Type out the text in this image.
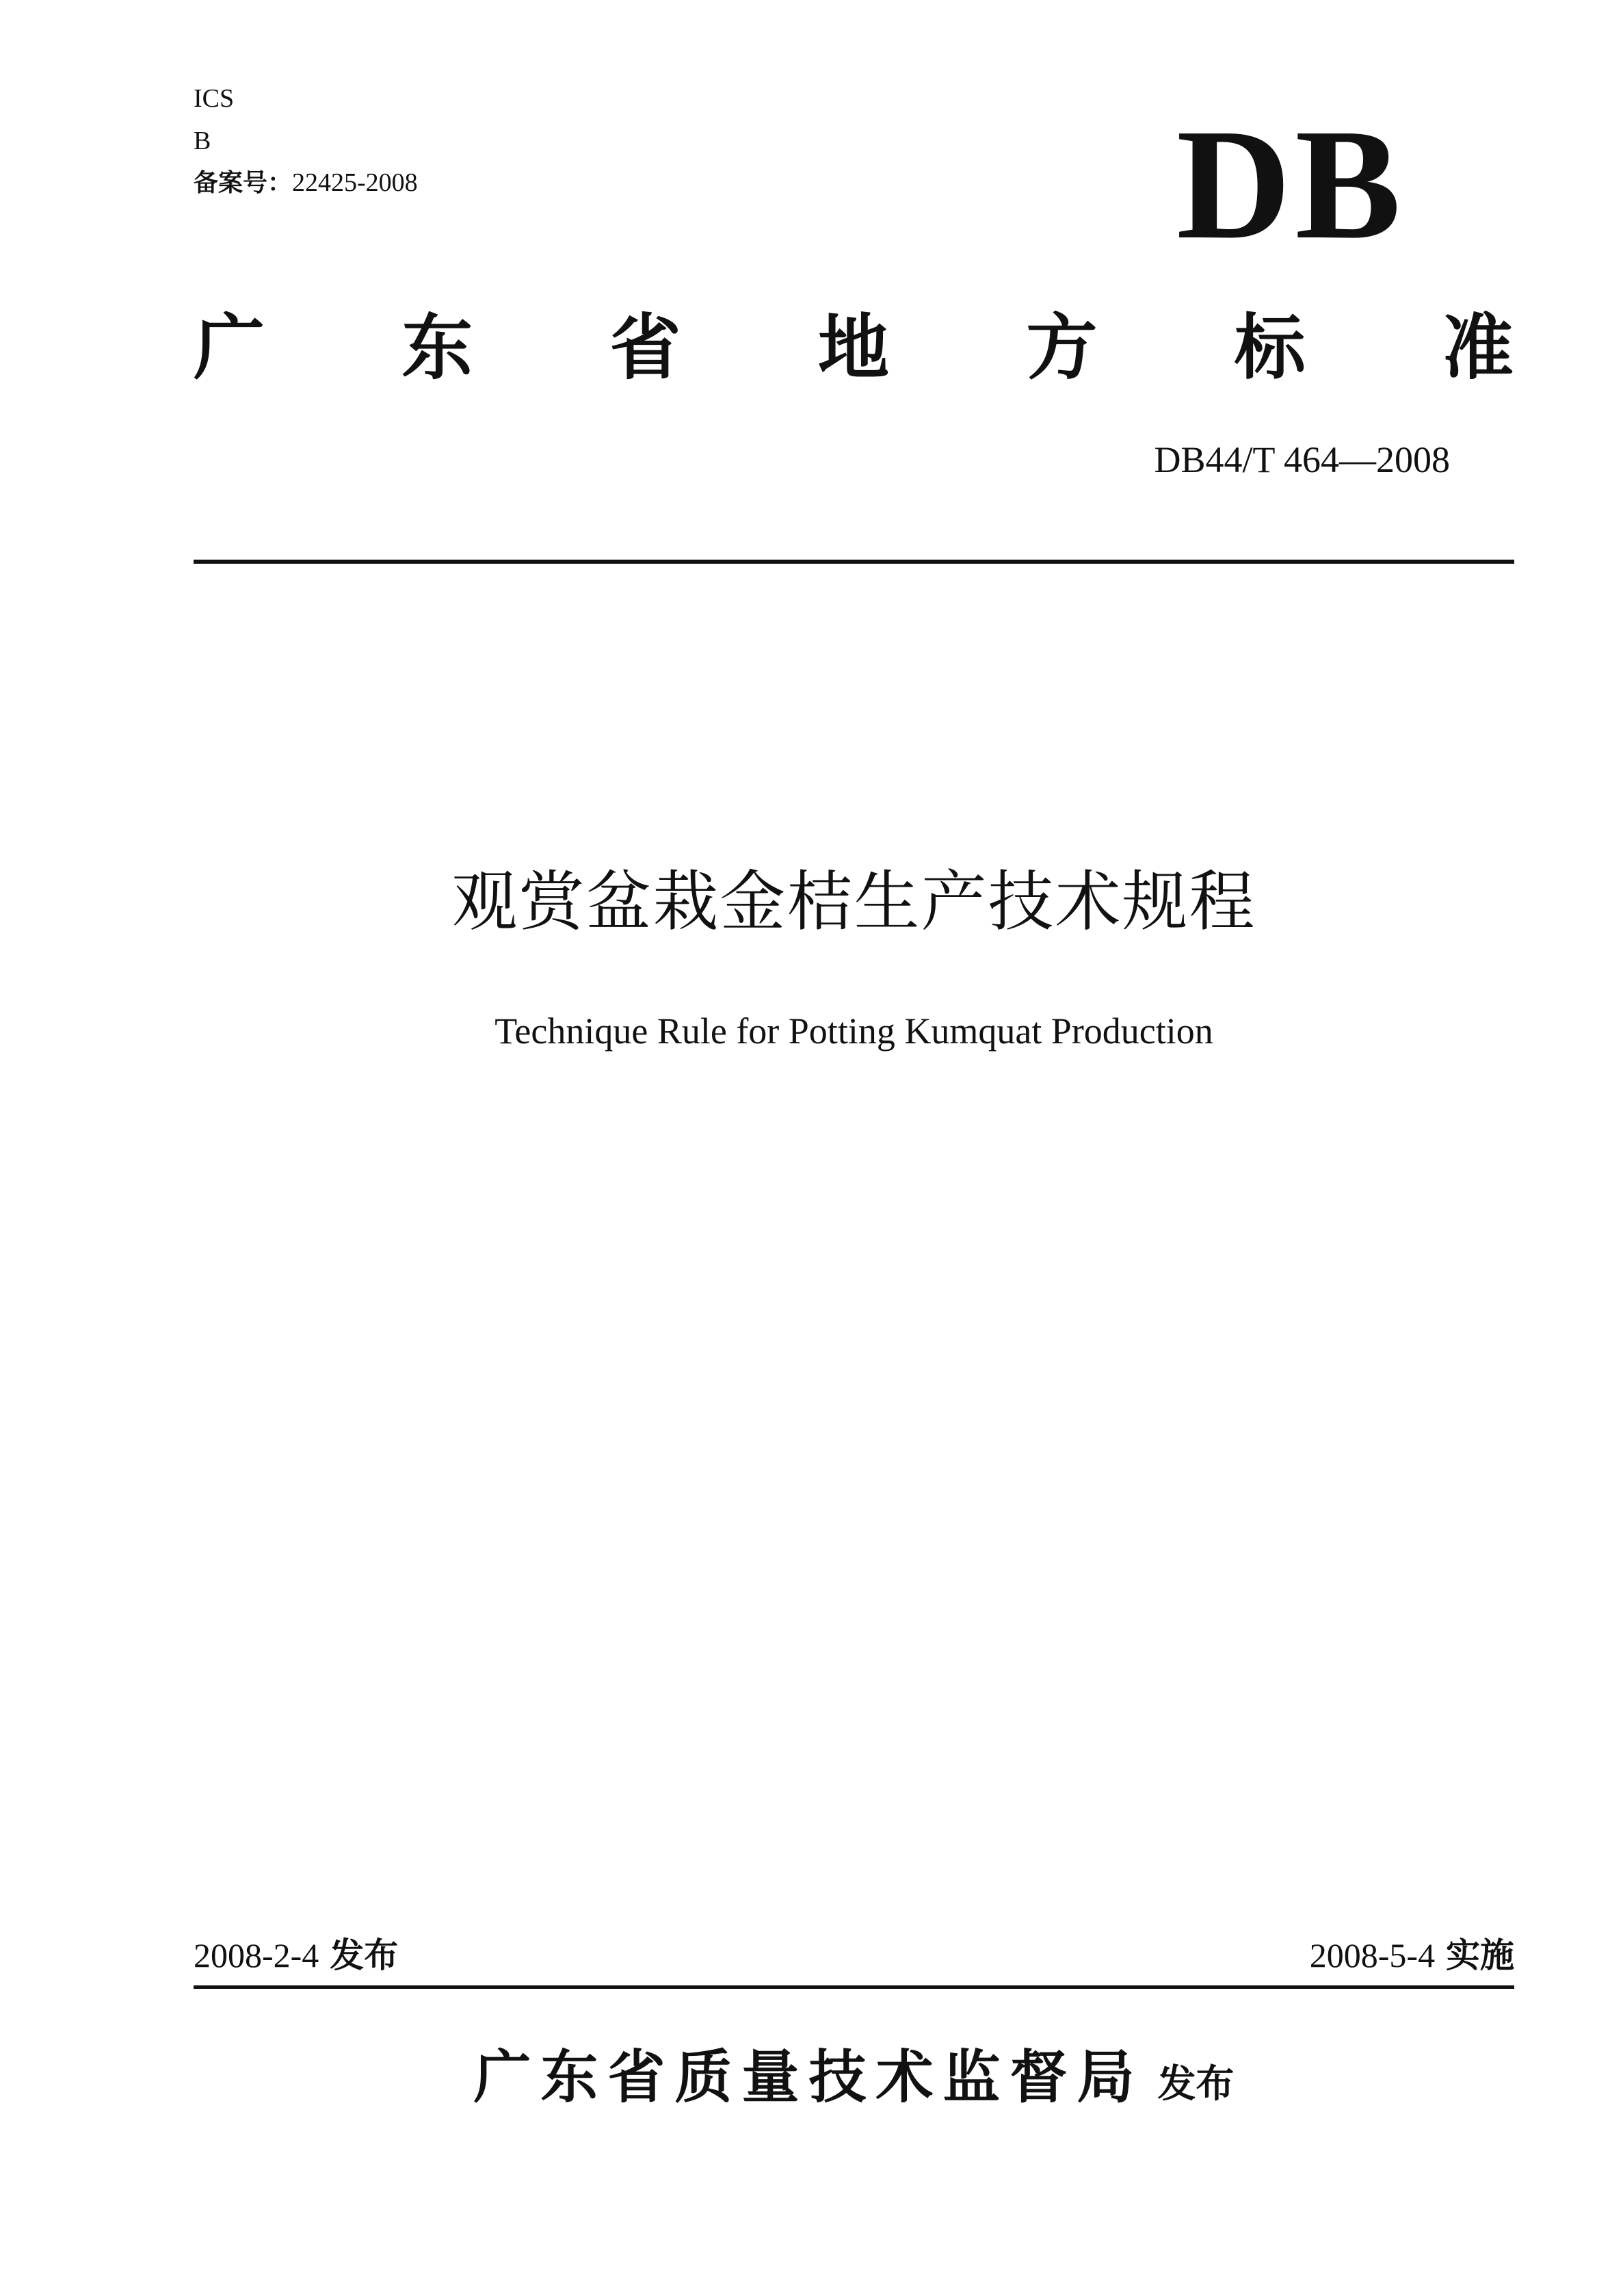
ICS
B
备案号：22425-2008	DB
广 东 省 地 方 标 准
DB44/T 464—2008
观赏盆栽金桔生产技术规程
Technique Rule for Potting Kumquat Production
2008-2-4 发布	2008-5-4 实施
广东省质量技术监督局 发布
